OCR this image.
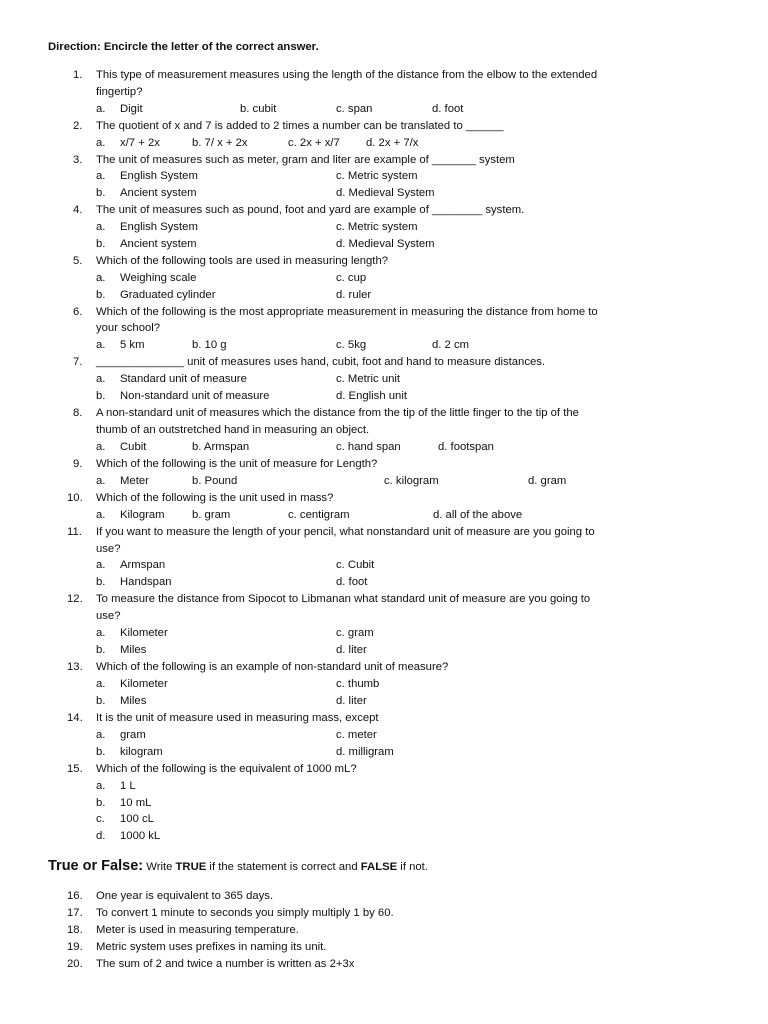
Direction: Encircle the letter of the correct answer.
1. This type of measurement measures using the length of the distance from the elbow to the extended
fingertip?
a. Digit	b. cubit	c. span	d. foot
2. The quotient of x and 7 is added to 2 times a number can be translated to ______
a. x/7 + 2x	b. 7/ x + 2x	c. 2x + x/7 d. 2x + 7/x
3. The unit of measures such as meter, gram and liter are example of _______ system
a. English System	c. Metric system
b. Ancient system	d. Medieval System
4. The unit of measures such as pound, foot and yard are example of ________ system.
a. English System	c. Metric system
b. Ancient system	d. Medieval System
5. Which of the following tools are used in measuring length?
a. Weighing scale	c. cup
b. Graduated cylinder	d. ruler
6. Which of the following is the most appropriate measurement in measuring the distance from home to
your school?
a. 5 km	b. 10 g	c. 5kg	d. 2 cm
7. ______________ unit of measures uses hand, cubit, foot and hand to measure distances.
a. Standard unit of measure	c. Metric unit
b. Non-standard unit of measure	d. English unit
8. A non-standard unit of measures which the distance from the tip of the little finger to the tip of the
thumb of an outstretched hand in measuring an object.
a. Cubit	b. Armspan	c. hand span	d. footspan
9. Which of the following is the unit of measure for Length?
a. Meter	b. Pound	c. kilogram	d. gram
10. Which of the following is the unit used in mass?
a. Kilogram b. gram	c. centigram	d. all of the above
11. If you want to measure the length of your pencil, what nonstandard unit of measure are you going to
use?
a. Armspan	c. Cubit
b. Handspan	d. foot
12. To measure the distance from Sipocot to Libmanan what standard unit of measure are you going to
use?
a. Kilometer	c. gram
b. Miles	d. liter
13. Which of the following is an example of non-standard unit of measure?
a. Kilometer	c. thumb
b. Miles	d. liter
14. It is the unit of measure used in measuring mass, except
a. gram	c. meter
b. kilogram	d. milligram
15. Which of the following is the equivalent of 1000 mL?
a. 1 L
b. 10 mL
c. 100 cL
d. 1000 kL
True or False: Write TRUE if the statement is correct and FALSE if not.
16. One year is equivalent to 365 days.
17. To convert 1 minute to seconds you simply multiply 1 by 60.
18. Meter is used in measuring temperature.
19. Metric system uses prefixes in naming its unit.
20. The sum of 2 and twice a number is written as 2+3x
